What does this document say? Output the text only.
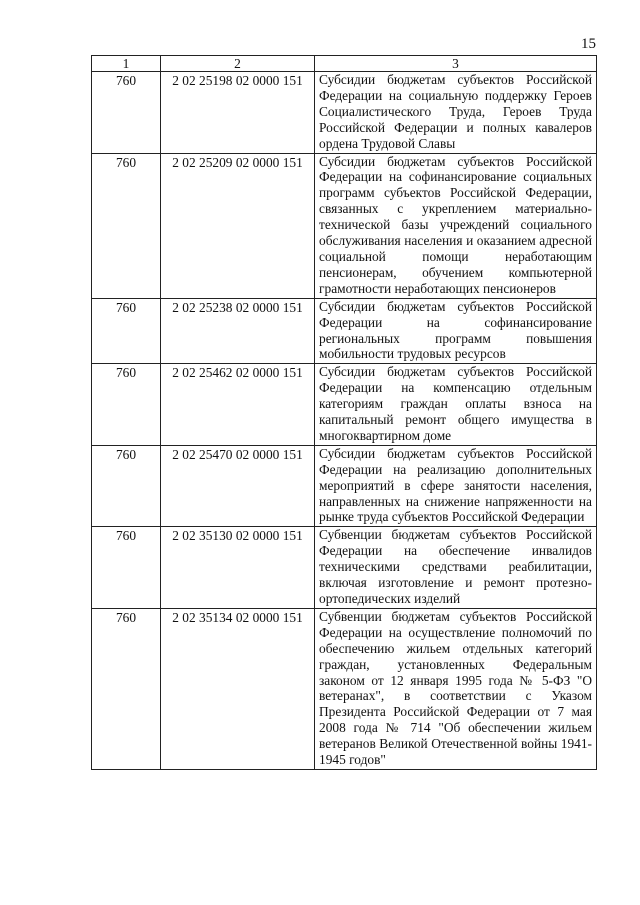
15
1	2	3
760	2 02 25198 02 0000 151	Субсидии бюджетам субъектов Российской Федерации на социальную поддержку Героев Социалистического Труда, Героев Труда Российской Федерации и полных кавалеров ордена Трудовой Славы
760	2 02 25209 02 0000 151	Субсидии бюджетам субъектов Российской Федерации на софинансирование социальных программ субъектов Российской Федерации, связанных с укреплением материально-технической базы учреждений социального обслуживания населения и оказанием адресной социальной помощи неработающим пенсионерам, обучением компьютерной грамотности неработающих пенсионеров
760	2 02 25238 02 0000 151	Субсидии бюджетам субъектов Российской Федерации на софинансирование региональных программ повышения мобильности трудовых ресурсов
760	2 02 25462 02 0000 151	Субсидии бюджетам субъектов Российской Федерации на компенсацию отдельным категориям граждан оплаты взноса на капитальный ремонт общего имущества в многоквартирном доме
760	2 02 25470 02 0000 151	Субсидии бюджетам субъектов Российской Федерации на реализацию дополнительных мероприятий в сфере занятости населения, направленных на снижение напряженности на рынке труда субъектов Российской Федерации
760	2 02 35130 02 0000 151	Субвенции бюджетам субъектов Российской Федерации на обеспечение инвалидов техническими средствами реабилитации, включая изготовление и ремонт протезно-ортопедических изделий
760	2 02 35134 02 0000 151	Субвенции бюджетам субъектов Российской Федерации на осуществление полномочий по обеспечению жильем отдельных категорий граждан, установленных Федеральным законом от 12 января 1995 года № 5-ФЗ "О ветеранах", в соответствии с Указом Президента Российской Федерации от 7 мая 2008 года № 714 "Об обеспечении жильем ветеранов Великой Отечественной войны 1941-1945 годов"
